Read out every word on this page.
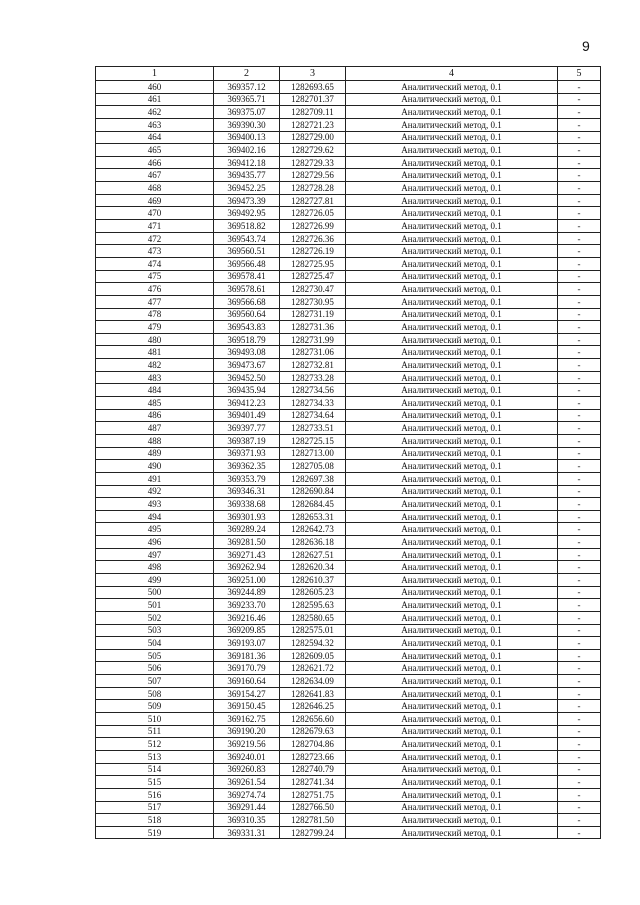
9
1	2	3	4	5
460	369357.12	1282693.65	Аналитический метод, 0.1	-
461	369365.71	1282701.37	Аналитический метод, 0.1	-
462	369375.07	1282709.11	Аналитический метод, 0.1	-
463	369390.30	1282721.23	Аналитический метод, 0.1	-
464	369400.13	1282729.00	Аналитический метод, 0.1	-
465	369402.16	1282729.62	Аналитический метод, 0.1	-
466	369412.18	1282729.33	Аналитический метод, 0.1	-
467	369435.77	1282729.56	Аналитический метод, 0.1	-
468	369452.25	1282728.28	Аналитический метод, 0.1	-
469	369473.39	1282727.81	Аналитический метод, 0.1	-
470	369492.95	1282726.05	Аналитический метод, 0.1	-
471	369518.82	1282726.99	Аналитический метод, 0.1	-
472	369543.74	1282726.36	Аналитический метод, 0.1	-
473	369560.51	1282726.19	Аналитический метод, 0.1	-
474	369566.48	1282725.95	Аналитический метод, 0.1	-
475	369578.41	1282725.47	Аналитический метод, 0.1	-
476	369578.61	1282730.47	Аналитический метод, 0.1	-
477	369566.68	1282730.95	Аналитический метод, 0.1	-
478	369560.64	1282731.19	Аналитический метод, 0.1	-
479	369543.83	1282731.36	Аналитический метод, 0.1	-
480	369518.79	1282731.99	Аналитический метод, 0.1	-
481	369493.08	1282731.06	Аналитический метод, 0.1	-
482	369473.67	1282732.81	Аналитический метод, 0.1	-
483	369452.50	1282733.28	Аналитический метод, 0.1	-
484	369435.94	1282734.56	Аналитический метод, 0.1	-
485	369412.23	1282734.33	Аналитический метод, 0.1	-
486	369401.49	1282734.64	Аналитический метод, 0.1	-
487	369397.77	1282733.51	Аналитический метод, 0.1	-
488	369387.19	1282725.15	Аналитический метод, 0.1	-
489	369371.93	1282713.00	Аналитический метод, 0.1	-
490	369362.35	1282705.08	Аналитический метод, 0.1	-
491	369353.79	1282697.38	Аналитический метод, 0.1	-
492	369346.31	1282690.84	Аналитический метод, 0.1	-
493	369338.68	1282684.45	Аналитический метод, 0.1	-
494	369301.93	1282653.31	Аналитический метод, 0.1	-
495	369289.24	1282642.73	Аналитический метод, 0.1	-
496	369281.50	1282636.18	Аналитический метод, 0.1	-
497	369271.43	1282627.51	Аналитический метод, 0.1	-
498	369262.94	1282620.34	Аналитический метод, 0.1	-
499	369251.00	1282610.37	Аналитический метод, 0.1	-
500	369244.89	1282605.23	Аналитический метод, 0.1	-
501	369233.70	1282595.63	Аналитический метод, 0.1	-
502	369216.46	1282580.65	Аналитический метод, 0.1	-
503	369209.85	1282575.01	Аналитический метод, 0.1	-
504	369193.07	1282594.32	Аналитический метод, 0.1	-
505	369181.36	1282609.05	Аналитический метод, 0.1	-
506	369170.79	1282621.72	Аналитический метод, 0.1	-
507	369160.64	1282634.09	Аналитический метод, 0.1	-
508	369154.27	1282641.83	Аналитический метод, 0.1	-
509	369150.45	1282646.25	Аналитический метод, 0.1	-
510	369162.75	1282656.60	Аналитический метод, 0.1	-
511	369190.20	1282679.63	Аналитический метод, 0.1	-
512	369219.56	1282704.86	Аналитический метод, 0.1	-
513	369240.01	1282723.66	Аналитический метод, 0.1	-
514	369260.83	1282740.79	Аналитический метод, 0.1	-
515	369261.54	1282741.34	Аналитический метод, 0.1	-
516	369274.74	1282751.75	Аналитический метод, 0.1	-
517	369291.44	1282766.50	Аналитический метод, 0.1	-
518	369310.35	1282781.50	Аналитический метод, 0.1	-
519	369331.31	1282799.24	Аналитический метод, 0.1	-
